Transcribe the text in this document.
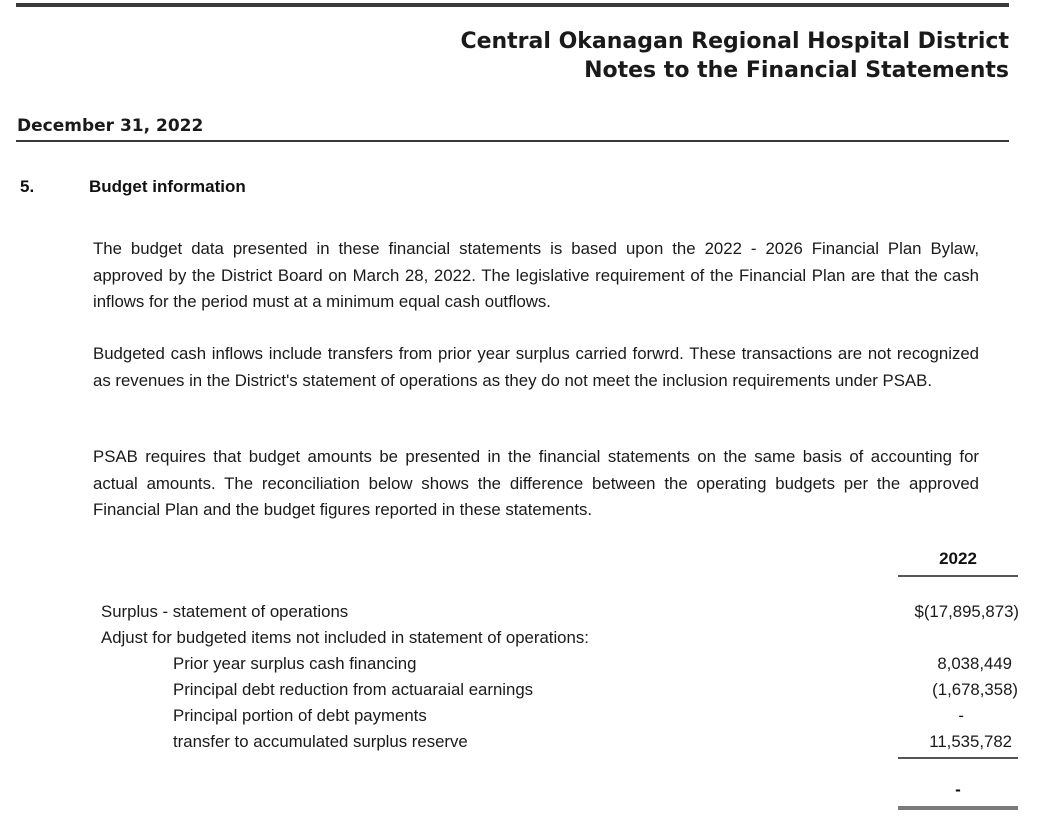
Central Okanagan Regional Hospital District
Notes to the Financial Statements
December 31, 2022
5.	Budget information
The budget data presented in these financial statements is based upon the 2022 - 2026 Financial Plan Bylaw, approved by the District Board on March 28, 2022. The legislative requirement of the Financial Plan are that the cash inflows for the period must at a minimum equal cash outflows.
Budgeted cash inflows include transfers from prior year surplus carried forwrd. These transactions are not recognized as revenues in the District's statement of operations as they do not meet the inclusion requirements under PSAB.
PSAB requires that budget amounts be presented in the financial statements on the same basis of accounting for actual amounts. The reconciliation below shows the difference between the operating budgets per the approved Financial Plan and the budget figures reported in these statements.
2022
Surplus - statement of operations	$(17,895,873)
Adjust for budgeted items not included in statement of operations:
Prior year surplus cash financing	8,038,449
Principal debt reduction from actuaraial earnings	(1,678,358)
Principal portion of debt payments	-
transfer to accumulated surplus reserve	11,535,782
-
